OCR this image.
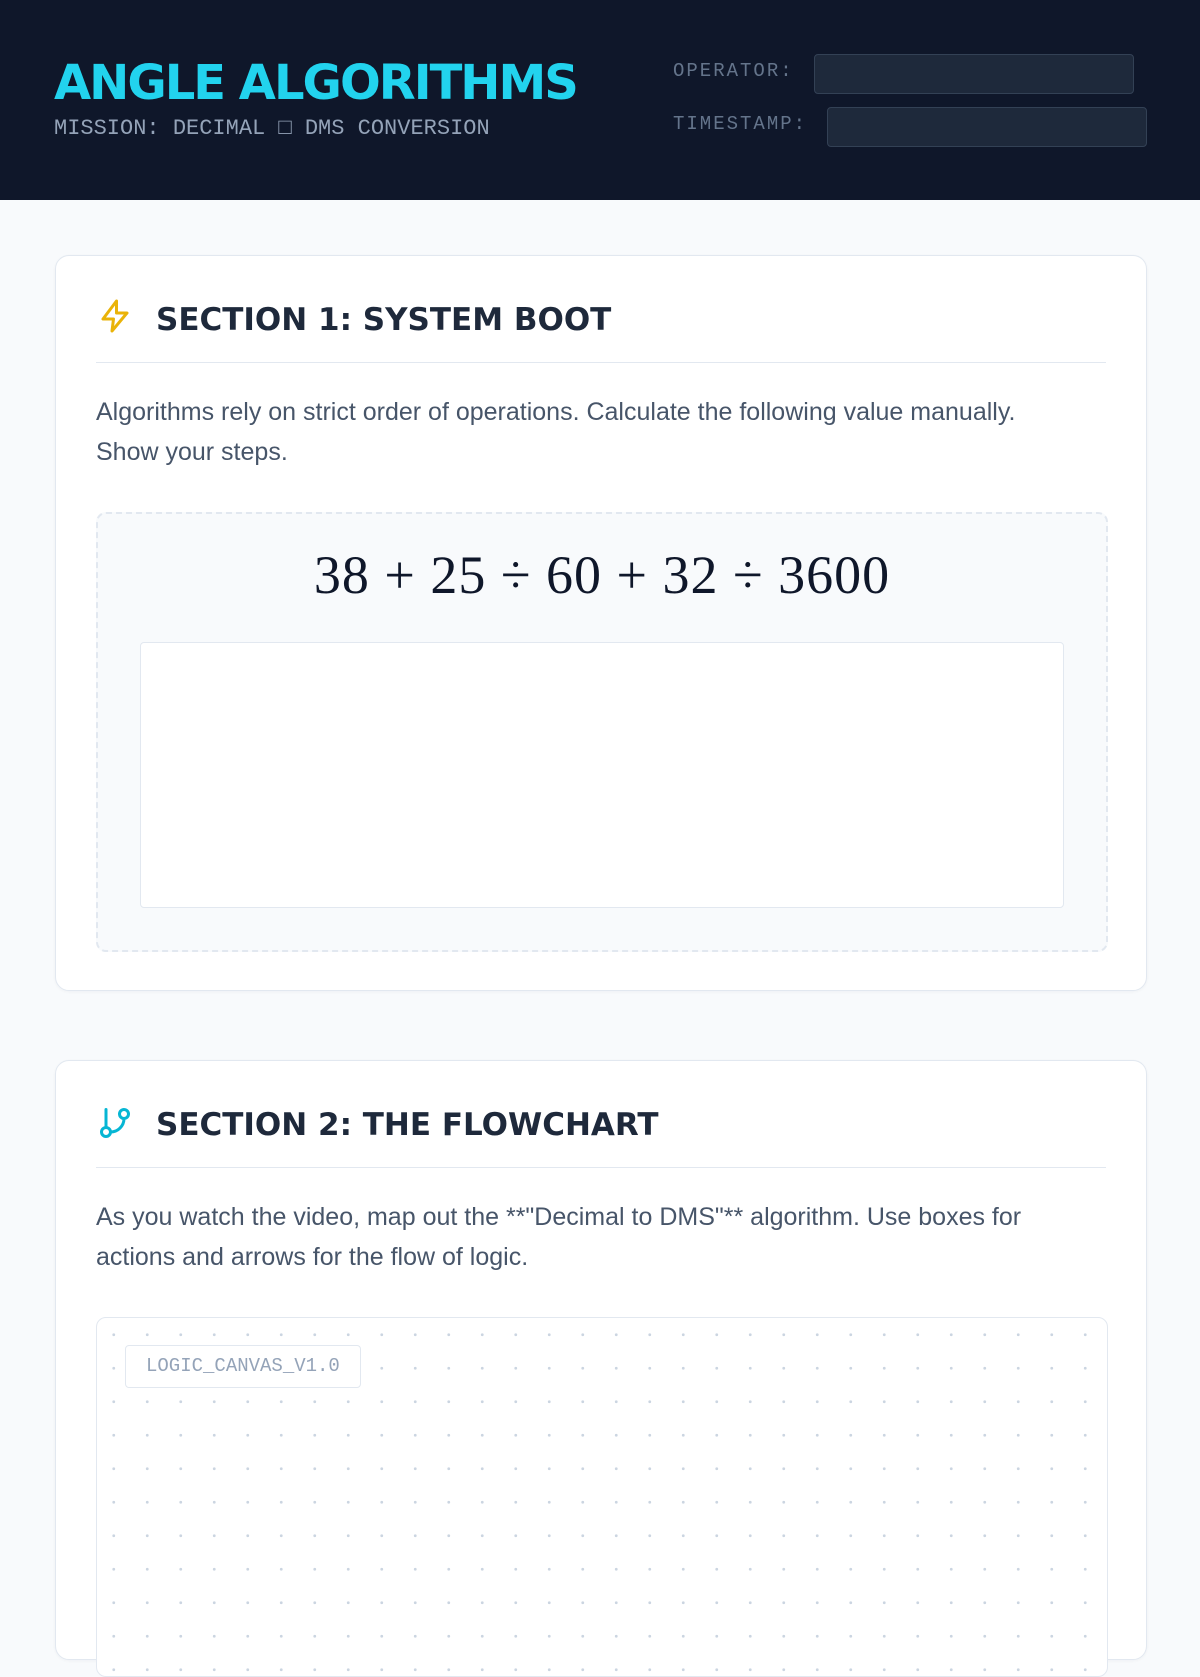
ANGLE ALGORITHMS
MISSION: DECIMAL □ DMS CONVERSION
OPERATOR:
TIMESTAMP:
SECTION 1: SYSTEM BOOT
Algorithms rely on strict order of operations. Calculate the following value manually. Show your steps.
38 + 25 ÷ 60 + 32 ÷ 3600
SECTION 2: THE FLOWCHART
As you watch the video, map out the **"Decimal to DMS"** algorithm. Use boxes for actions and arrows for the flow of logic.
LOGIC_CANVAS_V1.0
